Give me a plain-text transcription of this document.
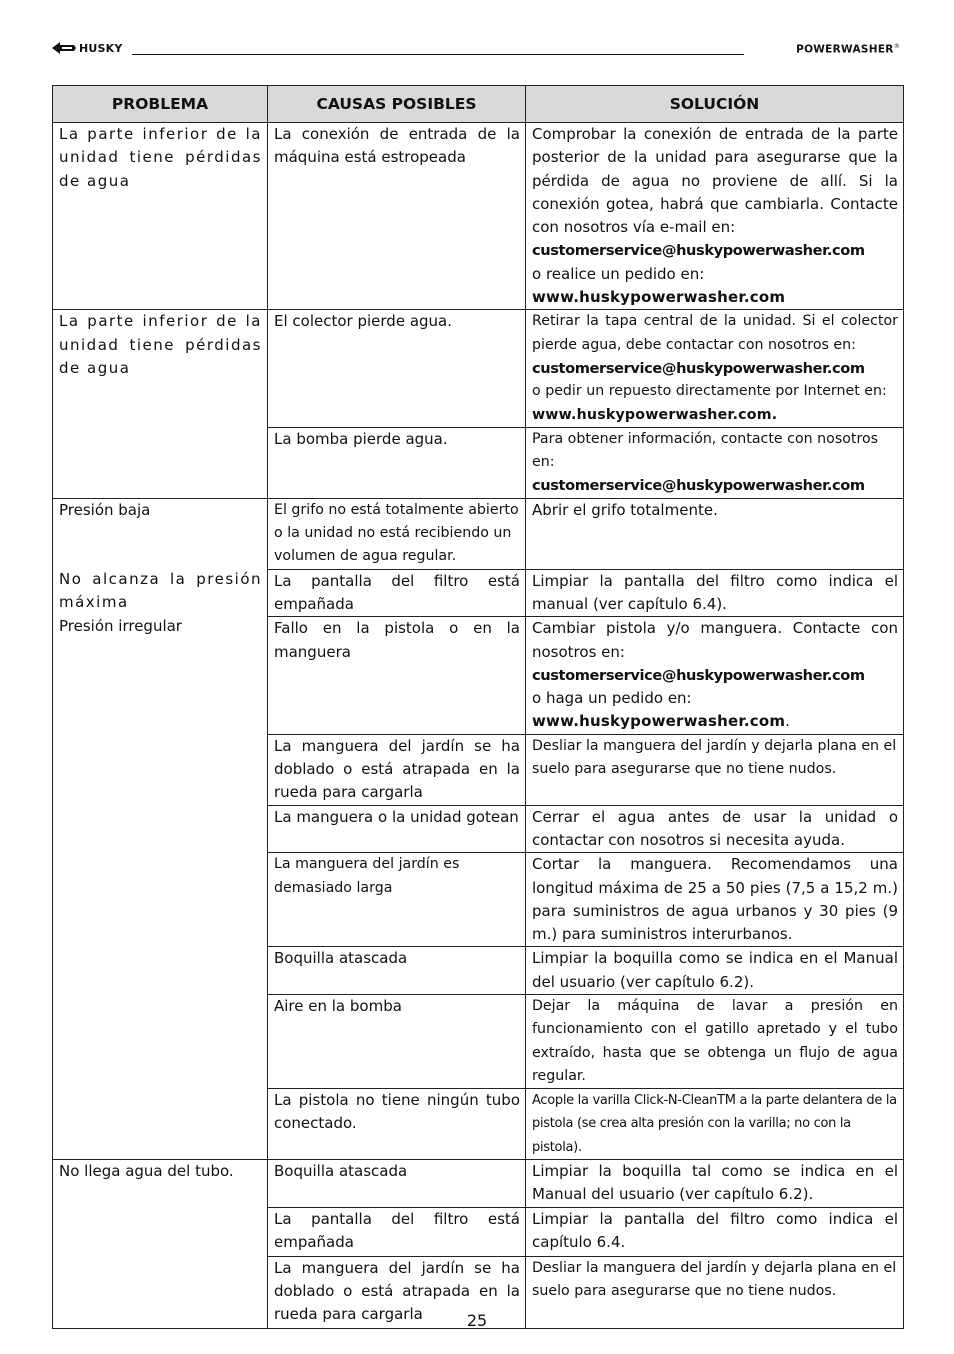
HUSKY	POWERWASHER®
PROBLEMA	CAUSAS POSIBLES	SOLUCIÓN
La parte inferior de la unidad tiene pérdidas de agua	La conexión de entrada de la máquina está estropeada	Comprobar la conexión de entrada de la parte posterior de la unidad para asegurarse que la pérdida de agua no proviene de allí. Si la conexión gotea, habrá que cambiarla. Contacte con nosotros vía e-mail en:
customerservice@huskypowerwasher.com
o realice un pedido en:
www.huskypowerwasher.com
La parte inferior de la unidad tiene pérdidas de agua	El colector pierde agua.	Retirar la tapa central de la unidad. Si el colector pierde agua, debe contactar con nosotros en:
customerservice@huskypowerwasher.com
o pedir un repuesto directamente por Internet en:
www.huskypowerwasher.com.
	La bomba pierde agua.	Para obtener información, contacte con nosotros en:
customerservice@huskypowerwasher.com

Presión baja
No alcanza la presión máxima
Presión irregular	El grifo no está totalmente abierto o la unidad no está recibiendo un volumen de agua regular.	Abrir el grifo totalmente.
	La pantalla del filtro está empañada	Limpiar la pantalla del filtro como indica el manual (ver capítulo 6.4).
	Fallo en la pistola o en la manguera	Cambiar pistola y/o manguera. Contacte con nosotros en:
customerservice@huskypowerwasher.com
o haga un pedido en:
www.huskypowerwasher.com.
	La manguera del jardín se ha doblado o está atrapada en la rueda para cargarla	Desliar la manguera del jardín y dejarla plana en el suelo para asegurarse que no tiene nudos.
	La manguera o la unidad gotean	Cerrar el agua antes de usar la unidad o contactar con nosotros si necesita ayuda.
	La manguera del jardín es demasiado larga	Cortar la manguera. Recomendamos una longitud máxima de 25 a 50 pies (7,5 a 15,2 m.) para suministros de agua urbanos y 30 pies (9 m.) para suministros interurbanos.
	Boquilla atascada	Limpiar la boquilla como se indica en el Manual del usuario (ver capítulo 6.2).
	Aire en la bomba	Dejar la máquina de lavar a presión en funcionamiento con el gatillo apretado y el tubo extraído, hasta que se obtenga un flujo de agua regular.
	La pistola no tiene ningún tubo conectado.	Acople la varilla Click-N-CleanTM a la parte delantera de la pistola (se crea alta presión con la varilla; no con la pistola).
No llega agua del tubo.	Boquilla atascada	Limpiar la boquilla tal como se indica en el Manual del usuario (ver capítulo 6.2).
	La pantalla del filtro está empañada	Limpiar la pantalla del filtro como indica el capítulo 6.4.
	La manguera del jardín se ha doblado o está atrapada en la rueda para cargarla	Desliar la manguera del jardín y dejarla plana en el suelo para asegurarse que no tiene nudos.
25
